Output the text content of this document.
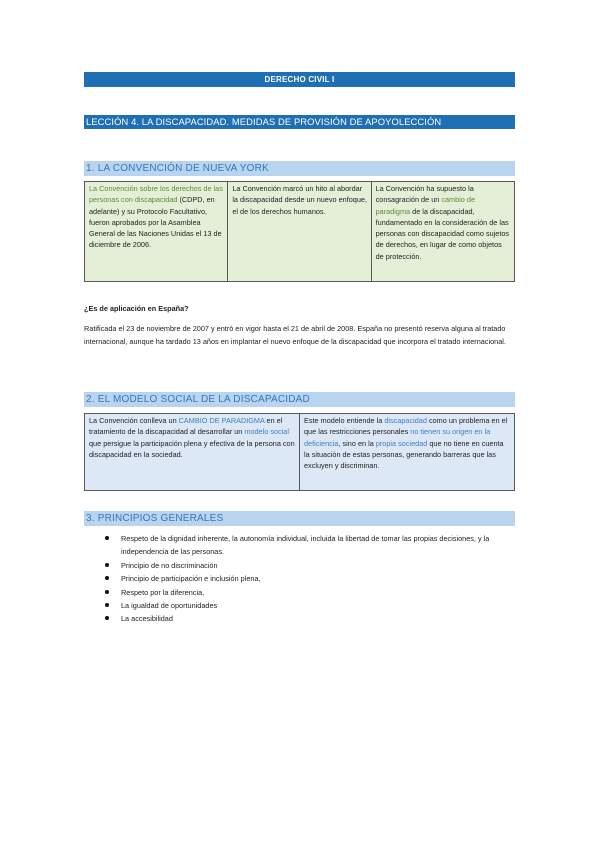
DERECHO CIVIL I
LECCIÓN 4. LA DISCAPACIDAD. MEDIDAS DE PROVISIÓN DE APOYOLECCIÓN
1. LA CONVENCIÓN DE NUEVA YORK
La Convención sobre los derechos de las personas con discapacidad (CDPD, en adelante) y su Protocolo Facultativo, fueron aprobados por la Asamblea General de las Naciones Unidas el 13 de diciembre de 2006.	La Convención marcó un hito al abordar la discapacidad desde un nuevo enfoque, el de los derechos humanos.	La Convención ha supuesto la consagración de un cambio de paradigma de la discapacidad, fundamentado en la consideración de las personas con discapacidad como sujetos de derechos, en lugar de como objetos de protección.
¿Es de aplicación en España?
Ratificada el 23 de noviembre de 2007 y entró en vigor hasta el 21 de abril de 2008. España no presentó reserva alguna al tratado internacional, aunque ha tardado 13 años en implantar el nuevo enfoque de la discapacidad que incorpora el tratado internacional.
2. EL MODELO SOCIAL DE LA DISCAPACIDAD
La Convención conlleva un CAMBIO DE PARADIGMA en el tratamiento de la discapacidad al desarrollar un modelo social que persigue la participación plena y efectiva de la persona con discapacidad en la sociedad.	Este modelo entiende la discapacidad como un problema en el que las restricciones personales no tienen su origen en la deficiencia, sino en la propia sociedad que no tiene en cuenta la situación de estas personas, generando barreras que las excluyen y discriminan.
3. PRINCIPIOS GENERALES
Respeto de la dignidad inherente, la autonomía individual, incluida la libertad de tomar las propias decisiones, y la independencia de las personas.
Principio de no discriminación
Principio de participación e inclusión plena,
Respeto por la diferencia,
La igualdad de oportunidades
La accesibilidad
